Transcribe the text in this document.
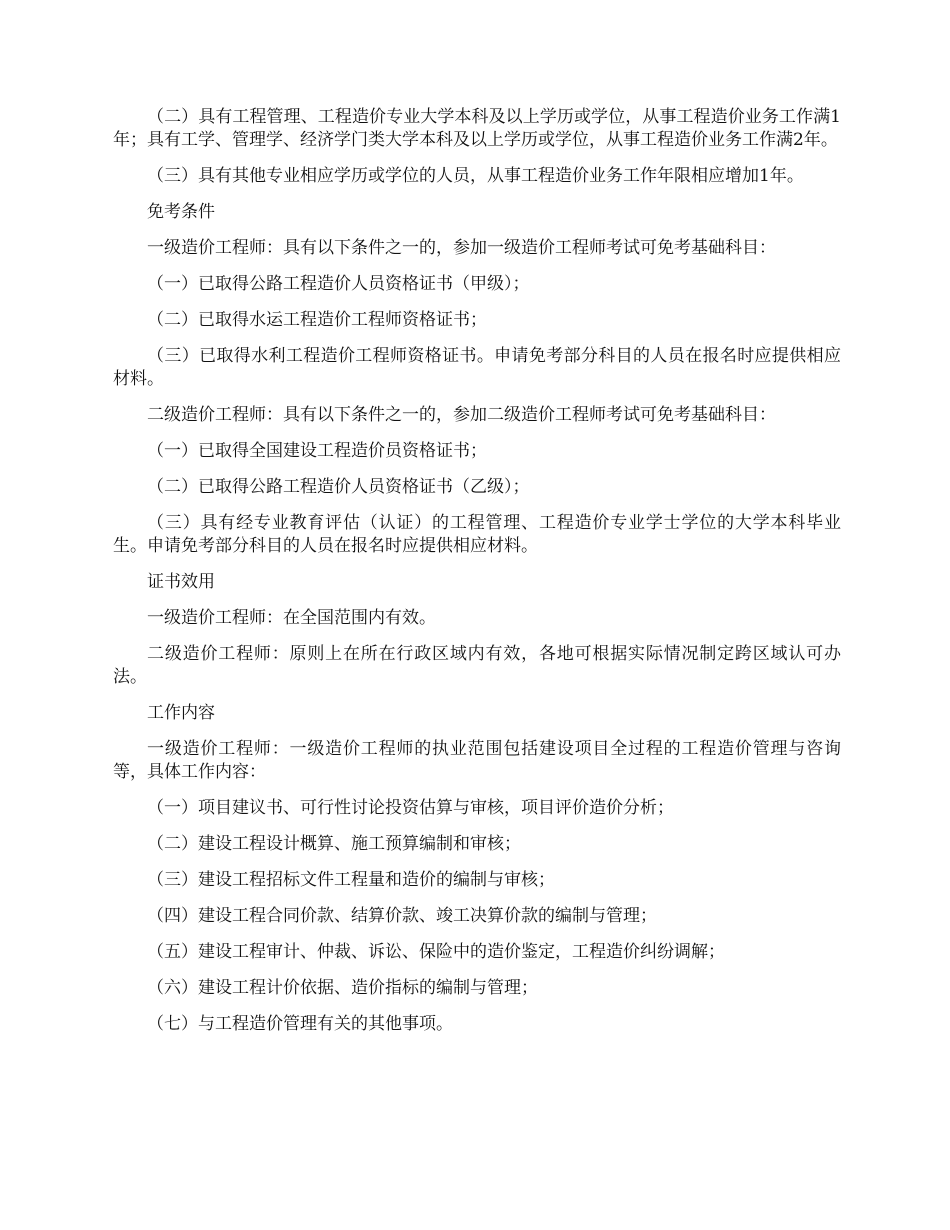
（二）具有工程管理、工程造价专业大学本科及以上学历或学位，从事工程造价业务工作满1年；具有工学、管理学、经济学门类大学本科及以上学历或学位，从事工程造价业务工作满2年。

（三）具有其他专业相应学历或学位的人员，从事工程造价业务工作年限相应增加1年。

免考条件

一级造价工程师：具有以下条件之一的，参加一级造价工程师考试可免考基础科目：

（一）已取得公路工程造价人员资格证书（甲级）；

（二）已取得水运工程造价工程师资格证书；

（三）已取得水利工程造价工程师资格证书。申请免考部分科目的人员在报名时应提供相应材料。

二级造价工程师：具有以下条件之一的，参加二级造价工程师考试可免考基础科目：

（一）已取得全国建设工程造价员资格证书；

（二）已取得公路工程造价人员资格证书（乙级）；

（三）具有经专业教育评估（认证）的工程管理、工程造价专业学士学位的大学本科毕业生。申请免考部分科目的人员在报名时应提供相应材料。

证书效用

一级造价工程师：在全国范围内有效。

二级造价工程师：原则上在所在行政区域内有效，各地可根据实际情况制定跨区域认可办法。

工作内容

一级造价工程师：一级造价工程师的执业范围包括建设项目全过程的工程造价管理与咨询等，具体工作内容：

（一）项目建议书、可行性讨论投资估算与审核，项目评价造价分析；

（二）建设工程设计概算、施工预算编制和审核；

（三）建设工程招标文件工程量和造价的编制与审核；

（四）建设工程合同价款、结算价款、竣工决算价款的编制与管理；

（五）建设工程审计、仲裁、诉讼、保险中的造价鉴定，工程造价纠纷调解；

（六）建设工程计价依据、造价指标的编制与管理；

（七）与工程造价管理有关的其他事项。
